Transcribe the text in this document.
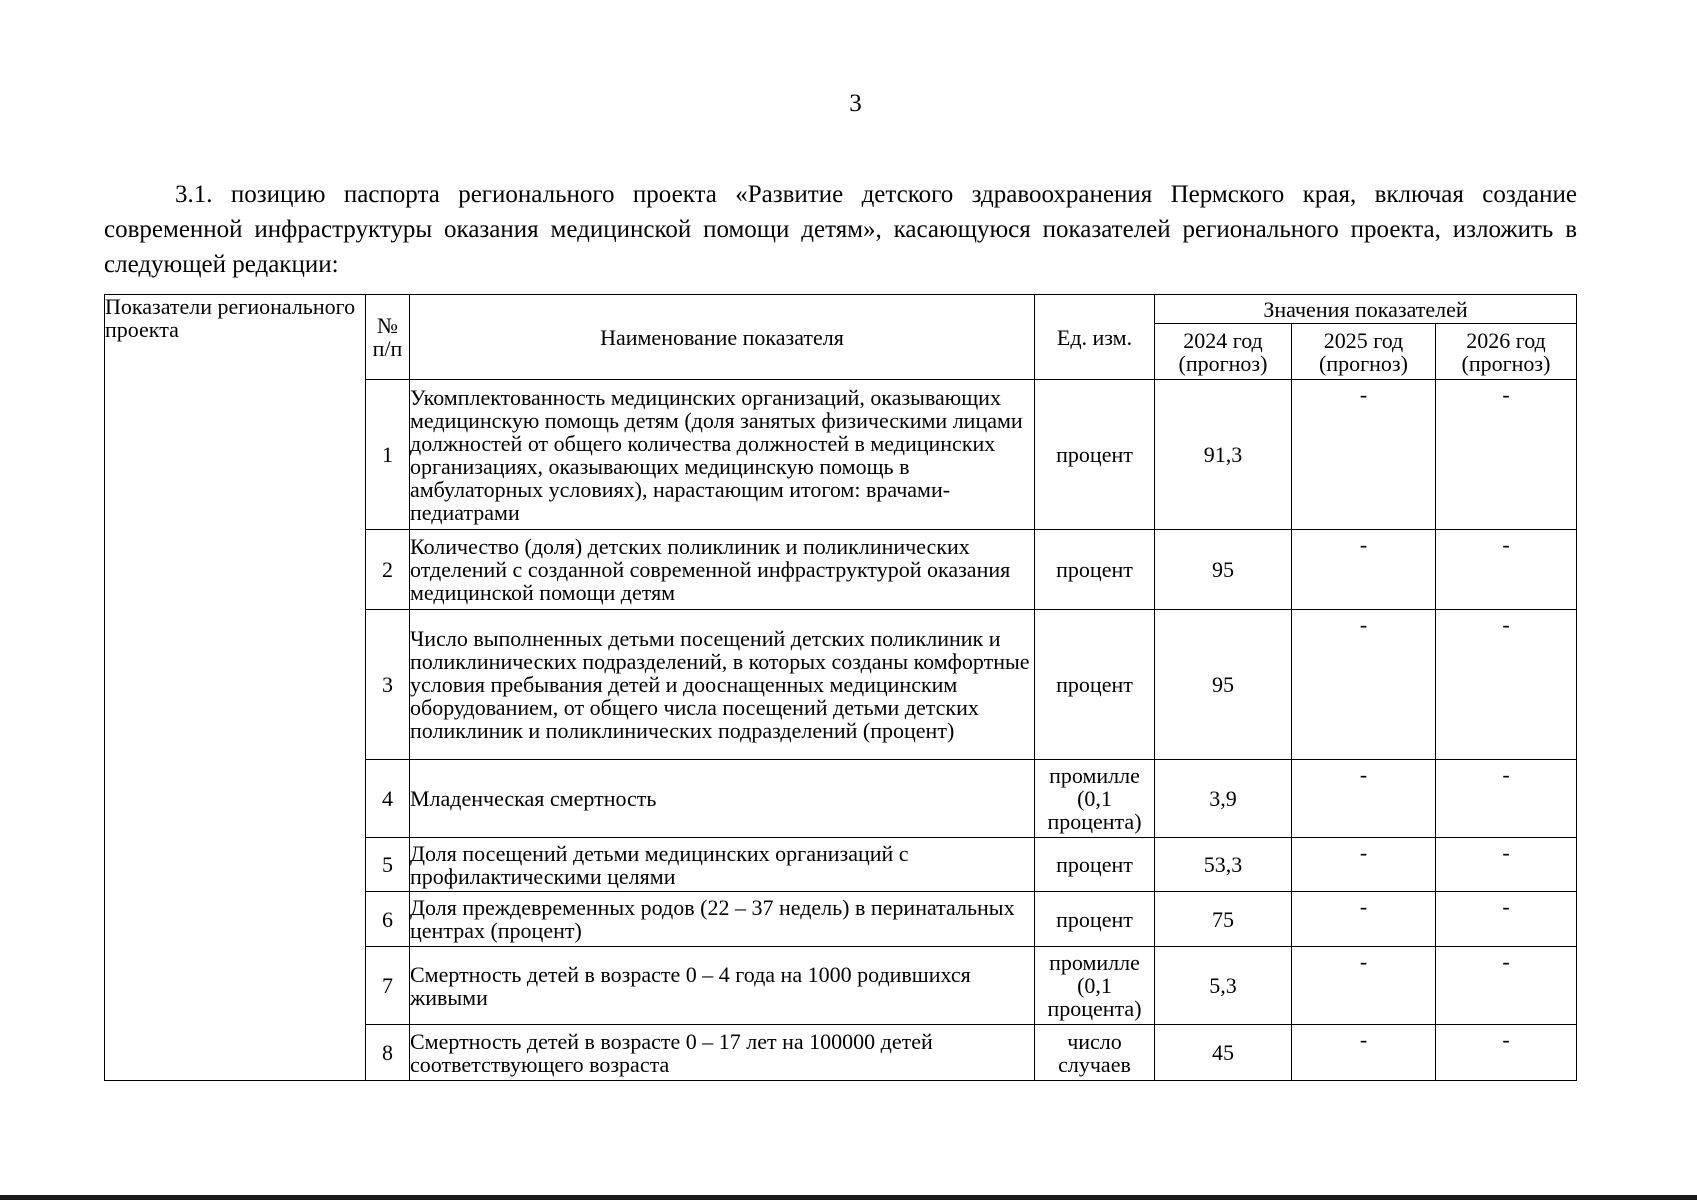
3

3.1. позицию паспорта регионального проекта «Развитие детского здравоохранения Пермского края, включая создание современной инфраструктуры оказания медицинской помощи детям», касающуюся показателей регионального проекта, изложить в следующей редакции:

Показатели регионального проекта	№ п/п	Наименование показателя	Ед. изм.	Значения показателей		
				2024 год (прогноз)	2025 год (прогноз)	2026 год (прогноз)
	1	Укомплектованность медицинских организаций, оказывающих медицинскую помощь детям (доля занятых физическими лицами должностей от общего количества должностей в медицинских организациях, оказывающих медицинскую помощь в амбулаторных условиях), нарастающим итогом: врачами- педиатрами	процент	91,3	-	-
	2	Количество (доля) детских поликлиник и поликлинических отделений с созданной современной инфраструктурой оказания медицинской помощи детям	процент	95	-	-
	3	Число выполненных детьми посещений детских поликлиник и поликлинических подразделений, в которых созданы комфортные условия пребывания детей и дооснащенных медицинским оборудованием, от общего числа посещений детьми детских поликлиник и поликлинических подразделений (процент)	процент	95	-	-
	4	Младенческая смертность	промилле (0,1 процента)	3,9	-	-
	5	Доля посещений детьми медицинских организаций с профилактическими целями	процент	53,3	-	-
	6	Доля преждевременных родов (22 – 37 недель) в перинатальных центрах (процент)	процент	75	-	-
	7	Смертность детей в возрасте 0 – 4 года на 1000 родившихся живыми	промилле (0,1 процента)	5,3	-	-
	8	Смертность детей в возрасте 0 – 17 лет на 100000 детей соответствующего возраста	число случаев	45	-	-
